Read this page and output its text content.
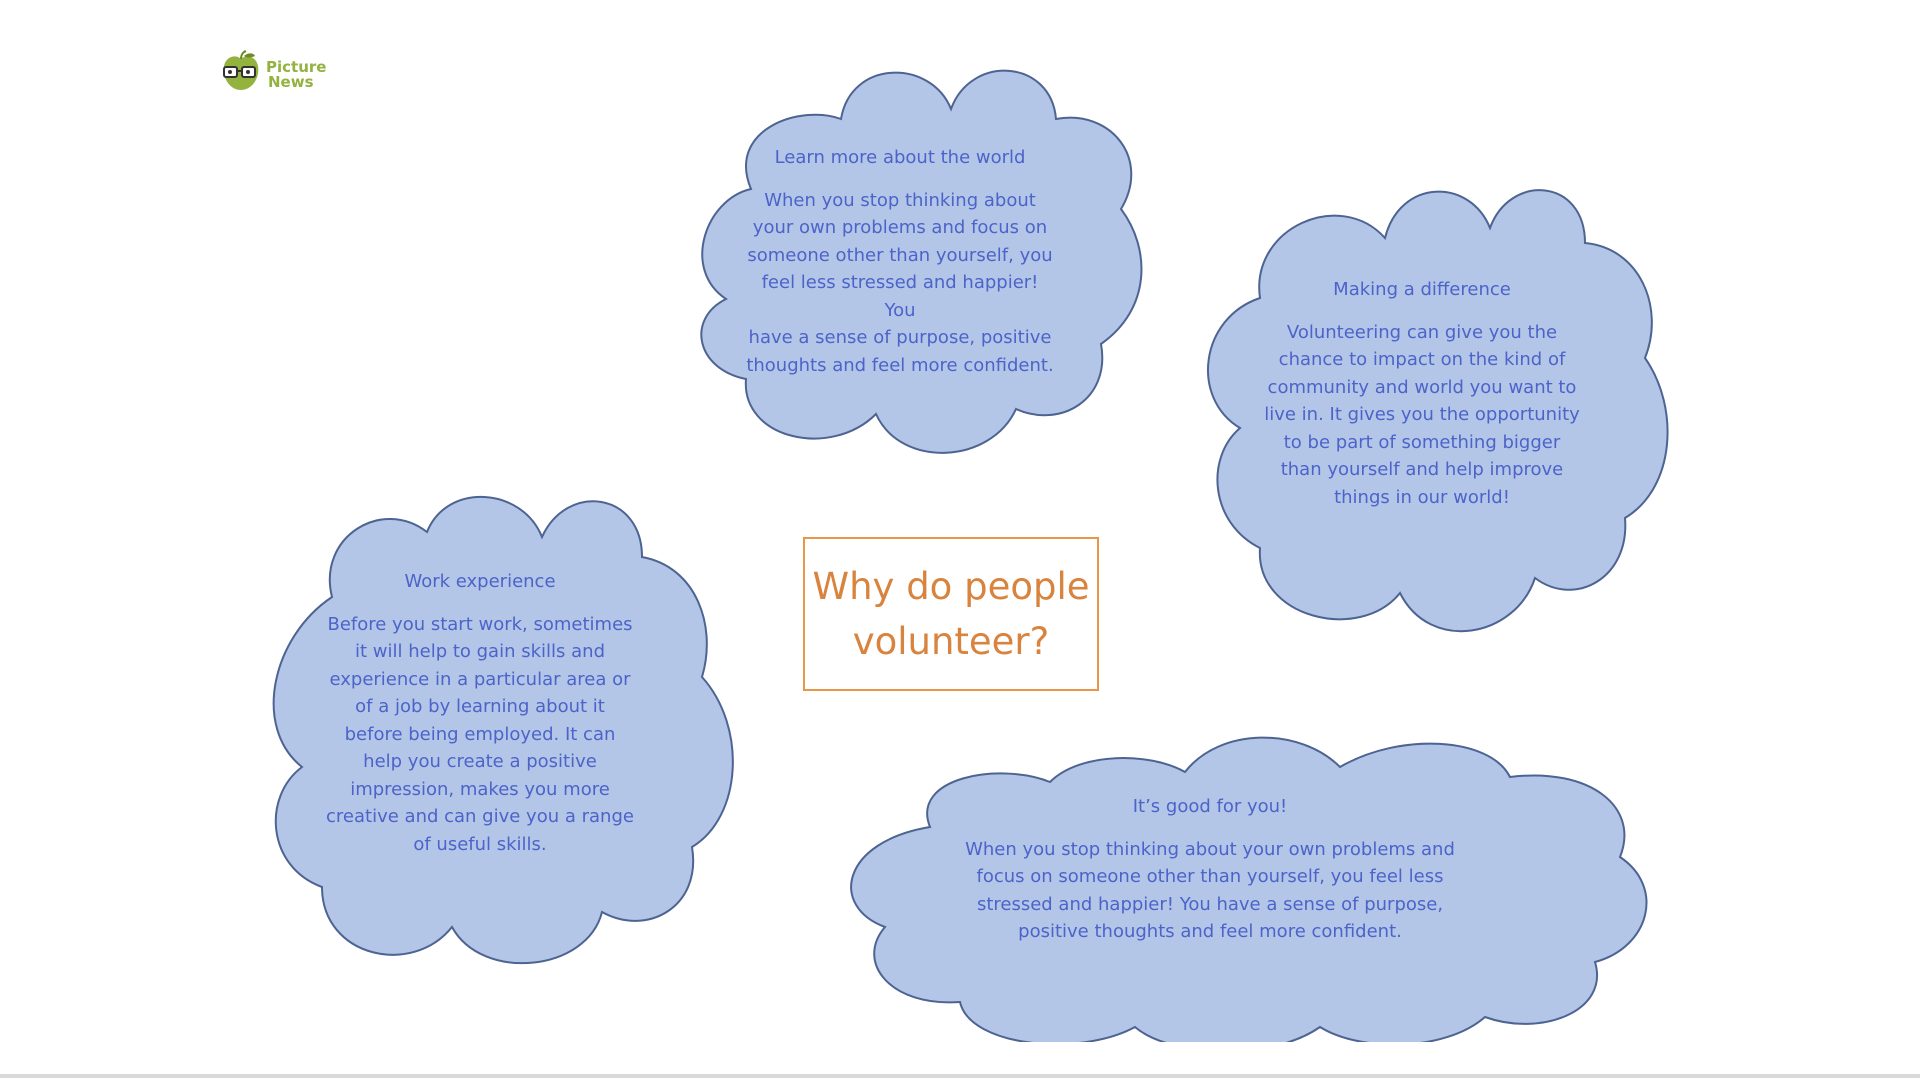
Picture
News
Learn more about the world
When you stop thinking about
your own problems and focus on
someone other than yourself, you
feel less stressed and happier! You
have a sense of purpose, positive
thoughts and feel more confident.
Making a difference
Volunteering can give you the
chance to impact on the kind of
community and world you want to
live in. It gives you the opportunity
to be part of something bigger
than yourself and help improve
things in our world!
Work experience
Before you start work, sometimes
it will help to gain skills and
experience in a particular area or
of a job by learning about it
before being employed. It can
help you create a positive
impression, makes you more
creative and can give you a range
of useful skills.
It’s good for you!
When you stop thinking about your own problems and
focus on someone other than yourself, you feel less
stressed and happier! You have a sense of purpose,
positive thoughts and feel more confident.
Why do people
volunteer?
